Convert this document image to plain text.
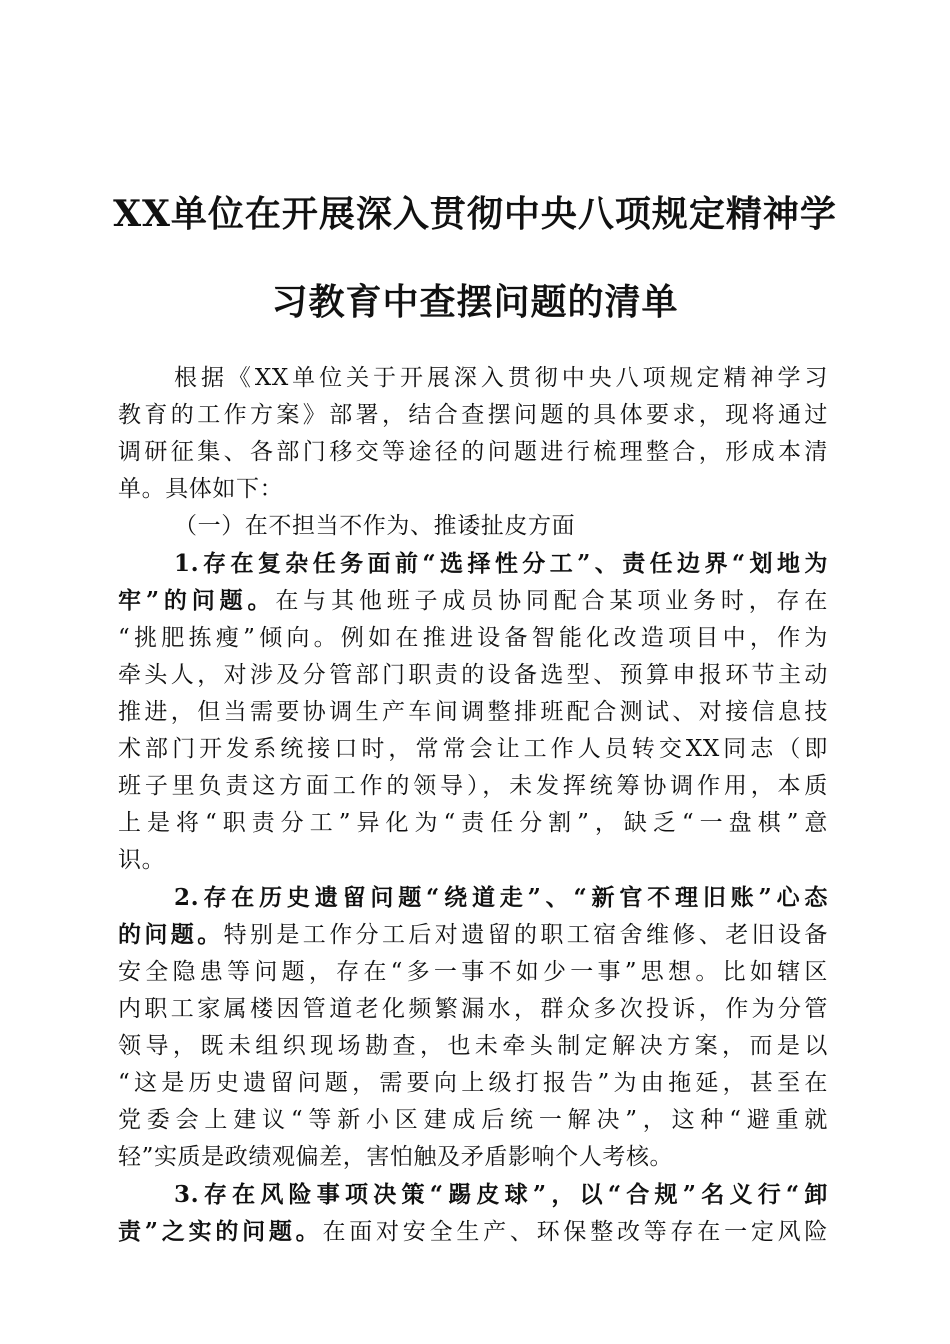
XX单位在开展深入贯彻中央八项规定精神学
习教育中查摆问题的清单

根据《XX单位关于开展深入贯彻中央八项规定精神学习
教育的工作方案》部署，结合查摆问题的具体要求，现将通过
调研征集、各部门移交等途径的问题进行梳理整合，形成本清
单。具体如下：

（一）在不担当不作为、推诿扯皮方面

1.存在复杂任务面前“选择性分工”、责任边界“划地为
牢”的问题。在与其他班子成员协同配合某项业务时，存在
“挑肥拣瘦”倾向。例如在推进设备智能化改造项目中，作为
牵头人，对涉及分管部门职责的设备选型、预算申报环节主动
推进，但当需要协调生产车间调整排班配合测试、对接信息技
术部门开发系统接口时，常常会让工作人员转交XX同志（即
班子里负责这方面工作的领导），未发挥统筹协调作用，本质
上是将“职责分工”异化为“责任分割”，缺乏“一盘棋”意
识。

2.存在历史遗留问题“绕道走”、“新官不理旧账”心态
的问题。特别是工作分工后对遗留的职工宿舍维修、老旧设备
安全隐患等问题，存在“多一事不如少一事”思想。比如辖区
内职工家属楼因管道老化频繁漏水，群众多次投诉，作为分管
领导，既未组织现场勘查，也未牵头制定解决方案，而是以
“这是历史遗留问题，需要向上级打报告”为由拖延，甚至在
党委会上建议“等新小区建成后统一解决”，这种“避重就
轻”实质是政绩观偏差，害怕触及矛盾影响个人考核。

3.存在风险事项决策“踢皮球”，以“合规”名义行“卸
责”之实的问题。在面对安全生产、环保整改等存在一定风险
